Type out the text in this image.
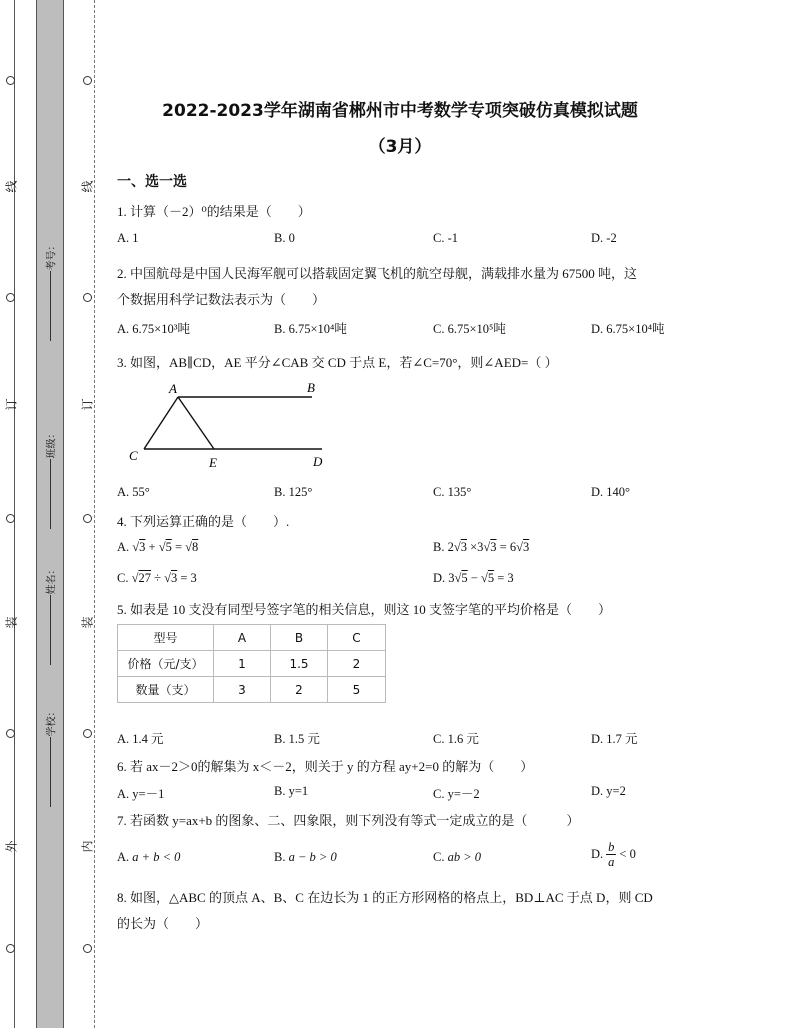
线
订
装
外
线
订
装
内
考号：
班级：
姓名：
学校：
2022-2023学年湖南省郴州市中考数学专项突破仿真模拟试题
（3月）
一、选一选
1. 计算（－2）⁰的结果是（　　）
A. 1	B. 0	C. -1	D. -2
2. 中国航母是中国人民海军舰可以搭载固定翼飞机的航空母舰，满载排水量为 67500 吨，这
个数据用科学记数法表示为（　　）
A. 6.75×10³吨	B. 6.75×10⁴吨	C. 6.75×10⁵吨	D. 6.75×10⁴吨
3. 如图，AB∥CD，AE 平分∠CAB 交 CD 于点 E，若∠C=70°，则∠AED=（ ）
A	B
C	E	D
A. 55°	B. 125°	C. 135°	D. 140°
4. 下列运算正确的是（　　）.
A. √3 + √5 = √8	B. 2√3 ×3√3 = 6√3
C. √27 ÷ √3 = 3	D. 3√5 − √5 = 3
5. 如表是 10 支没有同型号签字笔的相关信息，则这 10 支签字笔的平均价格是（　　）
型号	A	B	C
价格（元/支）	1	1.5	2
数量（支）	3	2	5
A. 1.4 元	B. 1.5 元	C. 1.6 元	D. 1.7 元
6. 若 ax－2＞0的解集为 x＜－2，则关于 y 的方程 ay+2=0 的解为（　　）
A. y=－1	B. y=1	C. y=－2	D. y=2
7. 若函数 y=ax+b 的图象、二、四象限，则下列没有等式一定成立的是（　　　）
A. a + b < 0	B. a − b > 0	C. ab > 0	D. $\frac{b}{a} < 0$
8. 如图，△ABC 的顶点 A、B、C 在边长为 1 的正方形网格的格点上，BD⊥AC 于点 D，则 CD
的长为（　　）
